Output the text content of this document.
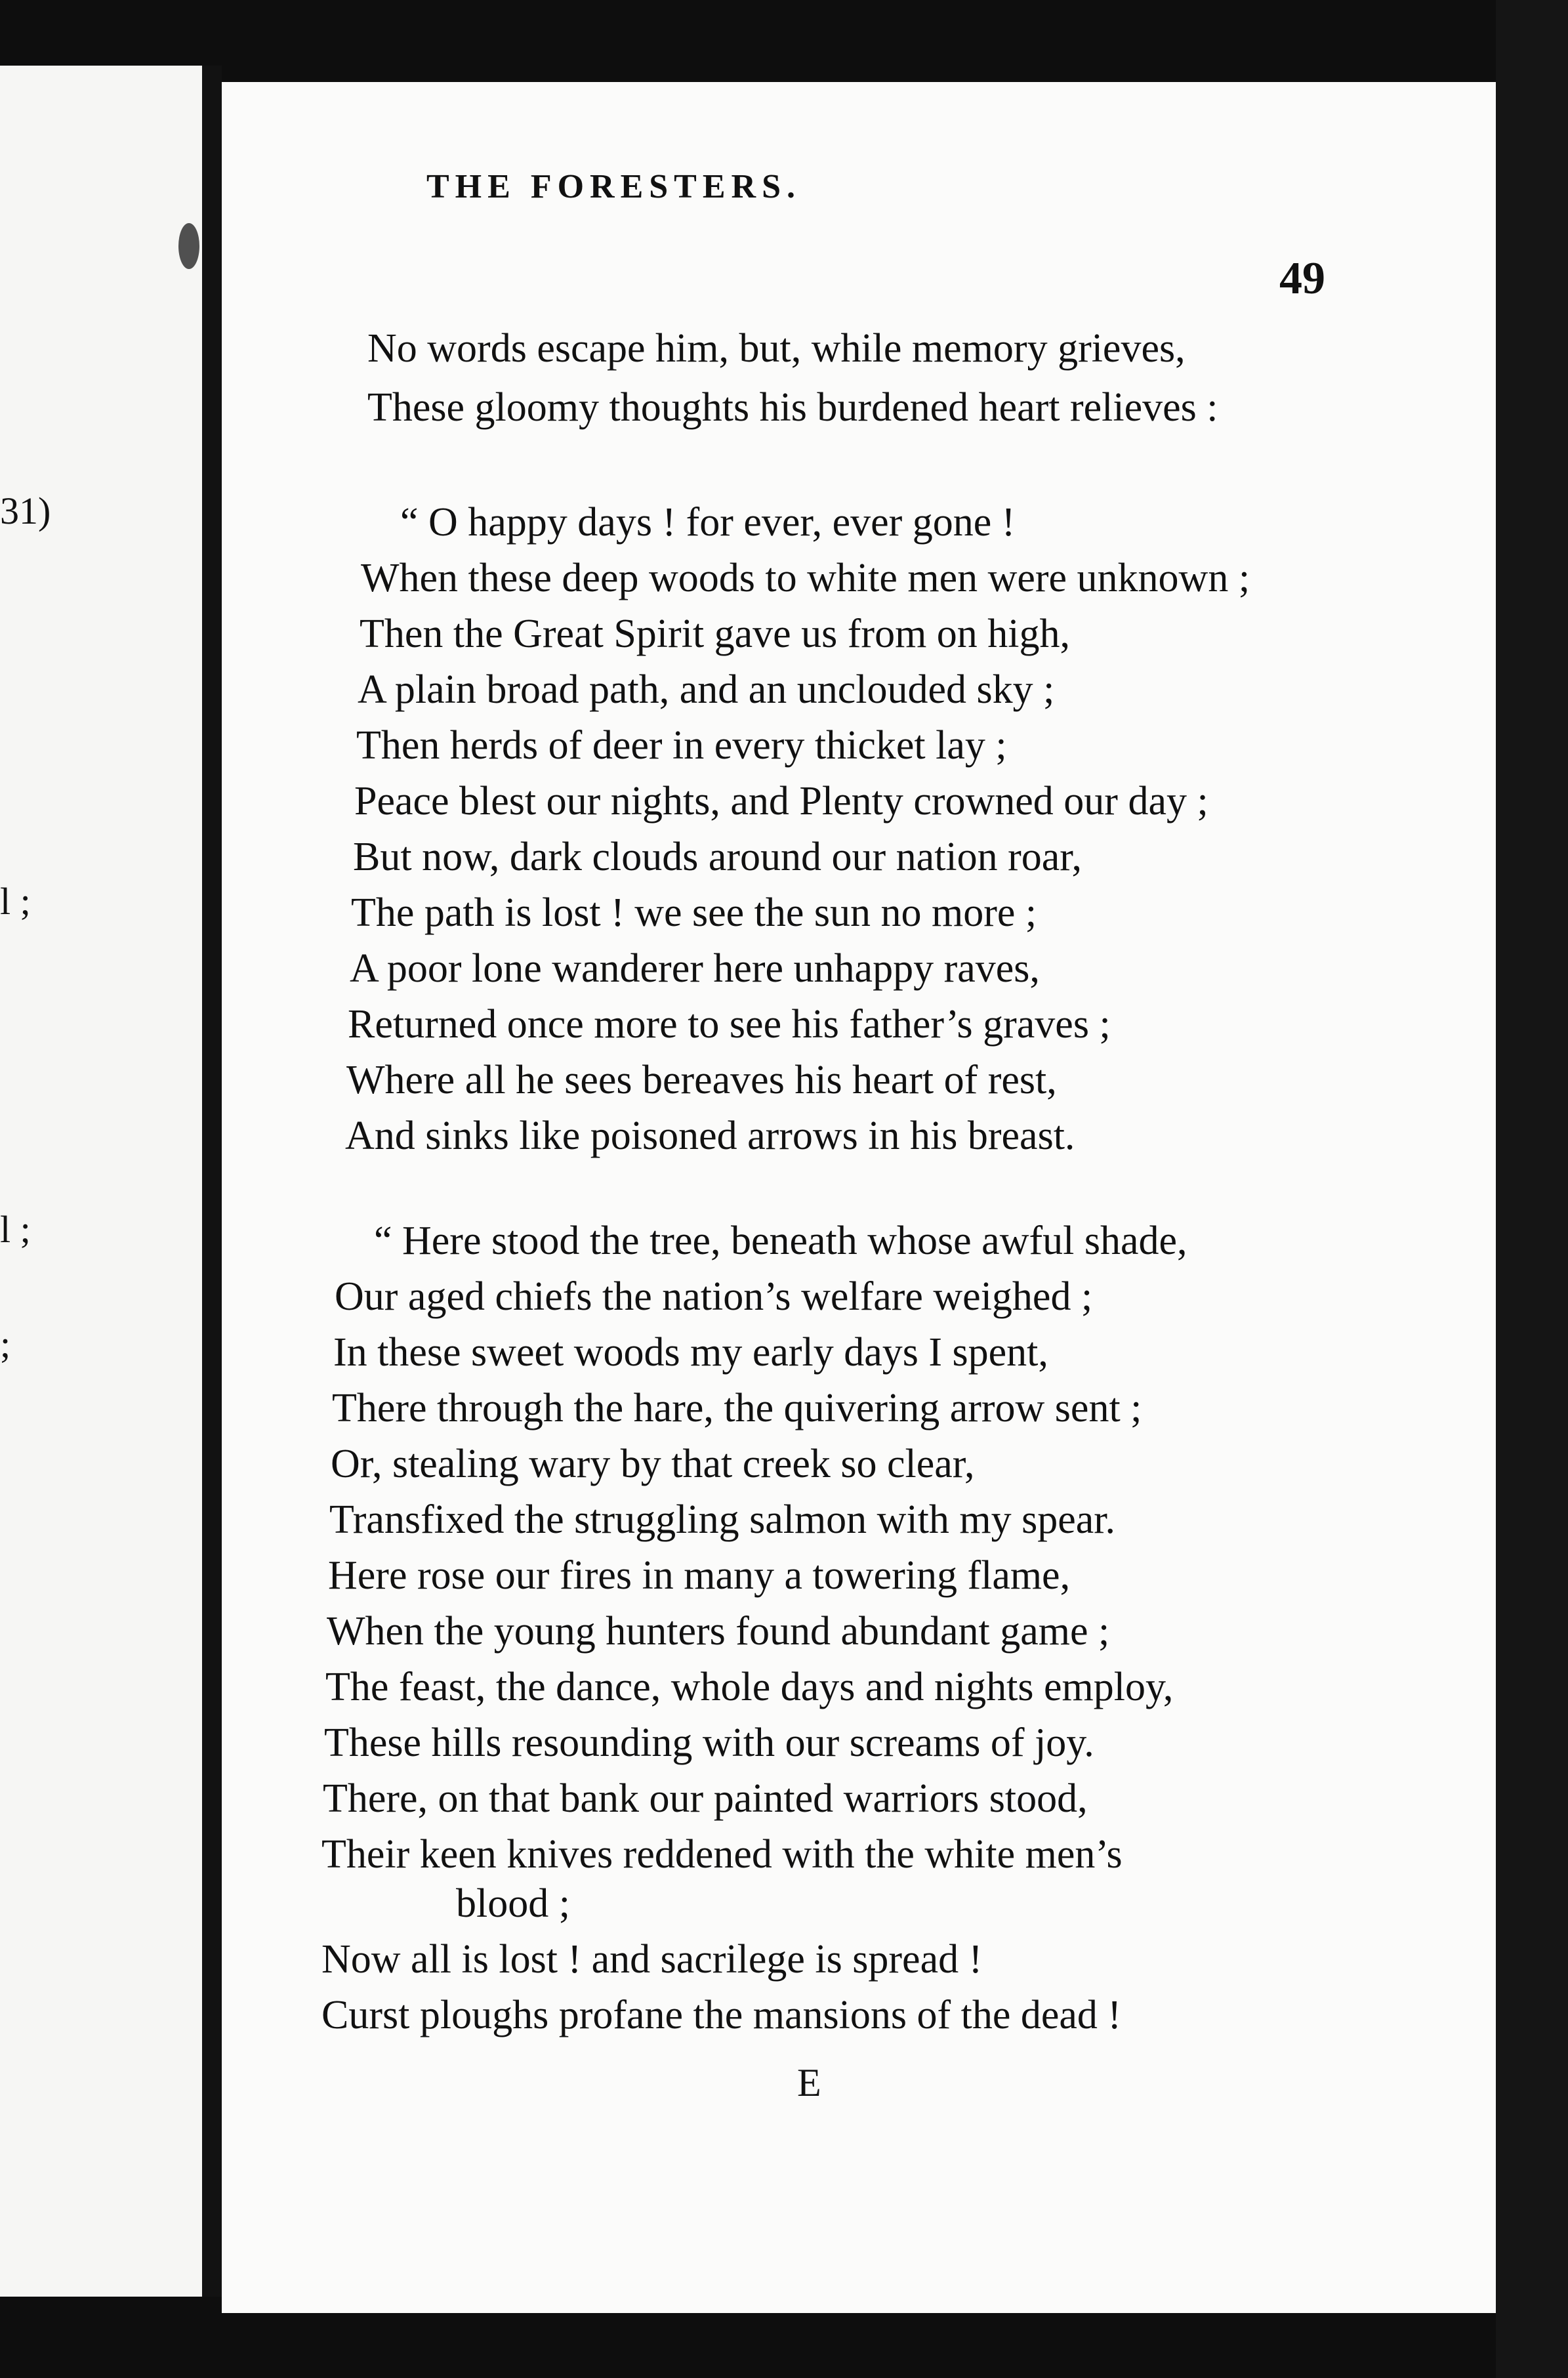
31)
l ;
l ;
;
THE FORESTERS.
49
No words escape him, but, while memory grieves,
These gloomy thoughts his burdened heart relieves :
“ O happy days ! for ever, ever gone !
When these deep woods to white men were unknown ;
Then the Great Spirit gave us from on high,
A plain broad path, and an unclouded sky ;
Then herds of deer in every thicket lay ;
Peace blest our nights, and Plenty crowned our day ;
But now, dark clouds around our nation roar,
The path is lost ! we see the sun no more ;
A poor lone wanderer here unhappy raves,
Returned once more to see his father’s graves ;
Where all he sees bereaves his heart of rest,
And sinks like poisoned arrows in his breast.
“ Here stood the tree, beneath whose awful shade,
Our aged chiefs the nation’s welfare weighed ;
In these sweet woods my early days I spent,
There through the hare, the quivering arrow sent ;
Or, stealing wary by that creek so clear,
Transfixed the struggling salmon with my spear.
Here rose our fires in many a towering flame,
When the young hunters found abundant game ;
The feast, the dance, whole days and nights employ,
These hills resounding with our screams of joy.
There, on that bank our painted warriors stood,
Their keen knives reddened with the white men’s
blood ;
Now all is lost ! and sacrilege is spread !
Curst ploughs profane the mansions of the dead !
E
